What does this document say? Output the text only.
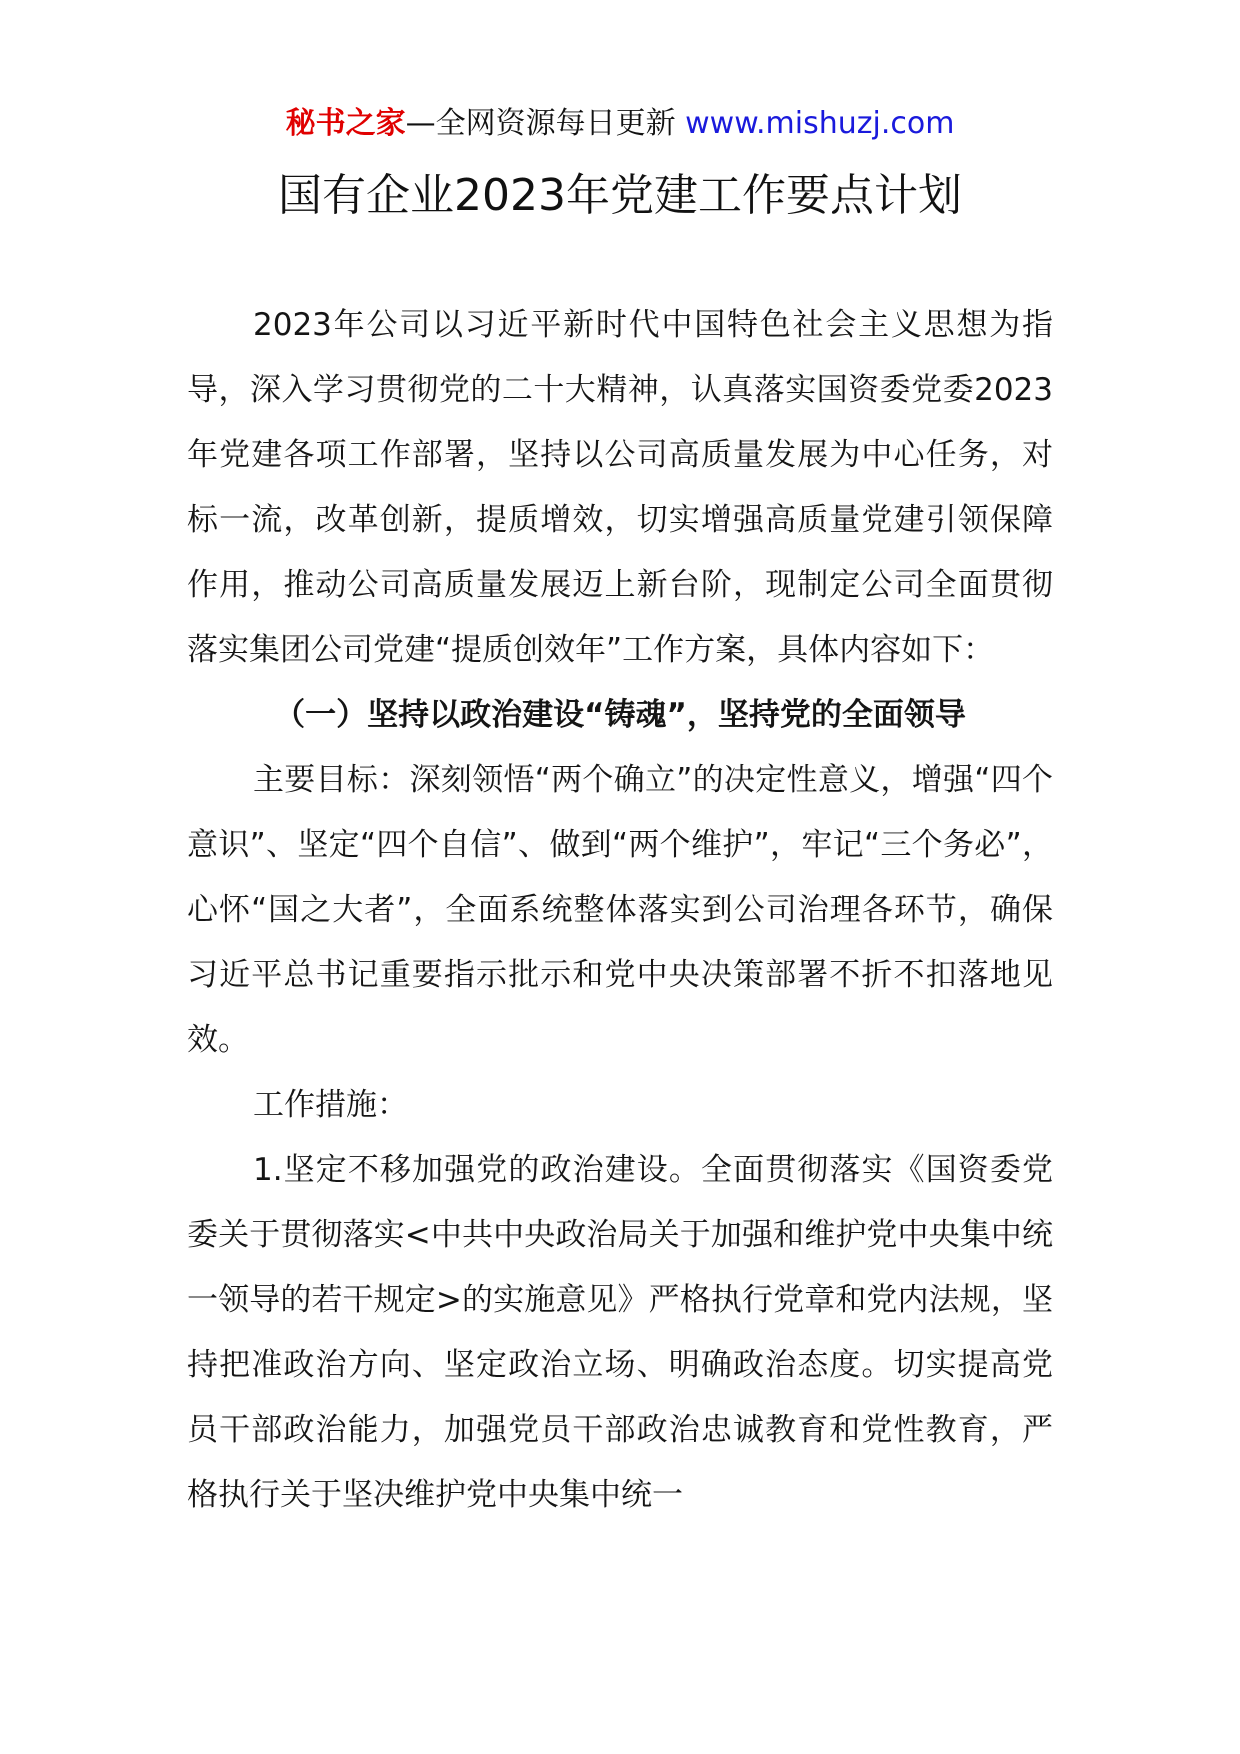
秘书之家—全网资源每日更新 www.mishuzj.com
国有企业2023年党建工作要点计划

2023年公司以习近平新时代中国特色社会主义思想为指导，深入学习贯彻党的二十大精神，认真落实国资委党委2023年党建各项工作部署，坚持以公司高质量发展为中心任务，对标一流，改革创新，提质增效，切实增强高质量党建引领保障作用，推动公司高质量发展迈上新台阶，现制定公司全面贯彻落实集团公司党建“提质创效年”工作方案，具体内容如下：

（一）坚持以政治建设“铸魂”，坚持党的全面领导

主要目标：深刻领悟“两个确立”的决定性意义，增强“四个意识”、坚定“四个自信”、做到“两个维护”，牢记“三个务必”，心怀“国之大者”，全面系统整体落实到公司治理各环节，确保习近平总书记重要指示批示和党中央决策部署不折不扣落地见效。

工作措施：

1.坚定不移加强党的政治建设。全面贯彻落实《国资委党委关于贯彻落实<中共中央政治局关于加强和维护党中央集中统一领导的若干规定>的实施意见》严格执行党章和党内法规，坚持把准政治方向、坚定政治立场、明确政治态度。切实提高党员干部政治能力，加强党员干部政治忠诚教育和党性教育，严格执行关于坚决维护党中央集中统一
